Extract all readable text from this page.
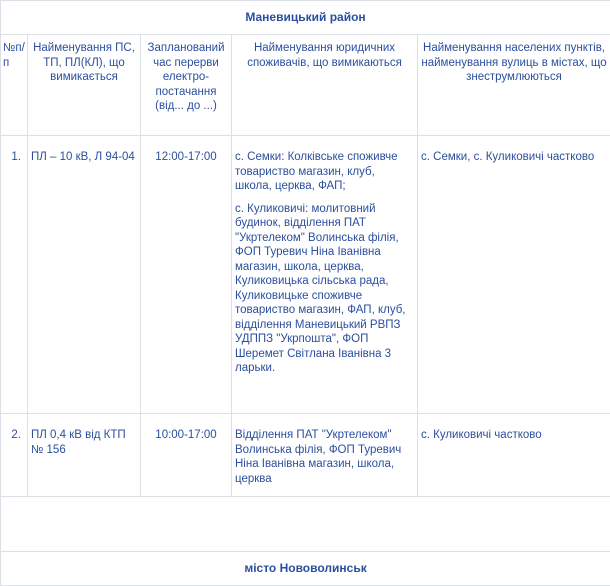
Маневицький район				
№п/п	Найменування ПС, ТП, ПЛ(КЛ), що вимикається	Запланований час перерви електро-постачання (від... до ...)	Найменування юридичних споживачів, що вимикаються	Найменування населених пунктів, найменування вулиць в містах, що знеструмлюються
1.	ПЛ – 10 кВ, Л 94-04	12:00-17:00	с. Семки: Колківське споживче товариство магазин, клуб, школа, церква, ФАП;

с. Куликовичі: молитовний будинок, відділення ПАТ "Укртелеком" Волинська філія, ФОП Туревич Ніна Іванівна магазин, школа, церква, Куликовицька сільська рада, Куликовицьке споживче товариство магазин, ФАП, клуб, відділення Маневицький РВПЗ УДППЗ "Укрпошта", ФОП Шеремет Світлана Іванівна 3 ларьки.	с. Семки, с. Куликовичі частково
2.	ПЛ 0,4 кВ від КТП № 156	10:00-17:00	Відділення ПАТ "Укртелеком" Волинська філія, ФОП Туревич Ніна Іванівна магазин, школа, церква	с. Куликовичі частково

місто Нововолинськ				
